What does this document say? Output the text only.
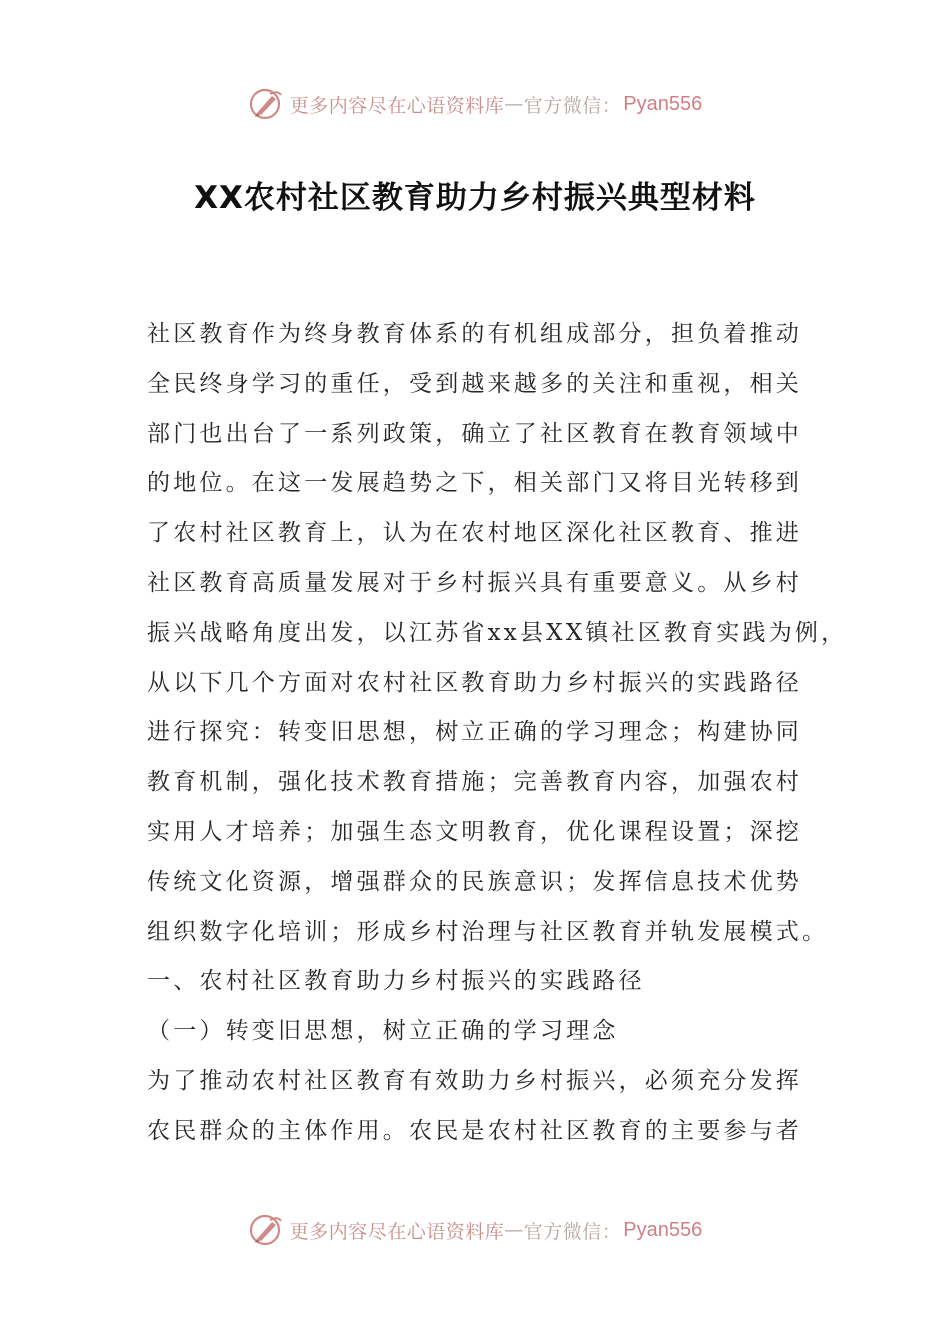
更多内容尽在心语资料库 — 官方微信： Pyan556
XX农村社区教育助力乡村振兴典型材料
社区教育作为终身教育体系的有机组成部分，担负着推动
全民终身学习的重任，受到越来越多的关注和重视，相关
部门也出台了一系列政策，确立了社区教育在教育领域中
的地位。在这一发展趋势之下，相关部门又将目光转移到
了农村社区教育上，认为在农村地区深化社区教育、推进
社区教育高质量发展对于乡村振兴具有重要意义。从乡村
振兴战略角度出发，以江苏省xx县XX镇社区教育实践为例，
从以下几个方面对农村社区教育助力乡村振兴的实践路径
进行探究：转变旧思想，树立正确的学习理念；构建协同
教育机制，强化技术教育措施；完善教育内容，加强农村
实用人才培养；加强生态文明教育，优化课程设置；深挖
传统文化资源，增强群众的民族意识；发挥信息技术优势
组织数字化培训；形成乡村治理与社区教育并轨发展模式。
一、农村社区教育助力乡村振兴的实践路径
（一）转变旧思想，树立正确的学习理念
为了推动农村社区教育有效助力乡村振兴，必须充分发挥
农民群众的主体作用。农民是农村社区教育的主要参与者
更多内容尽在心语资料库 — 官方微信： Pyan556
